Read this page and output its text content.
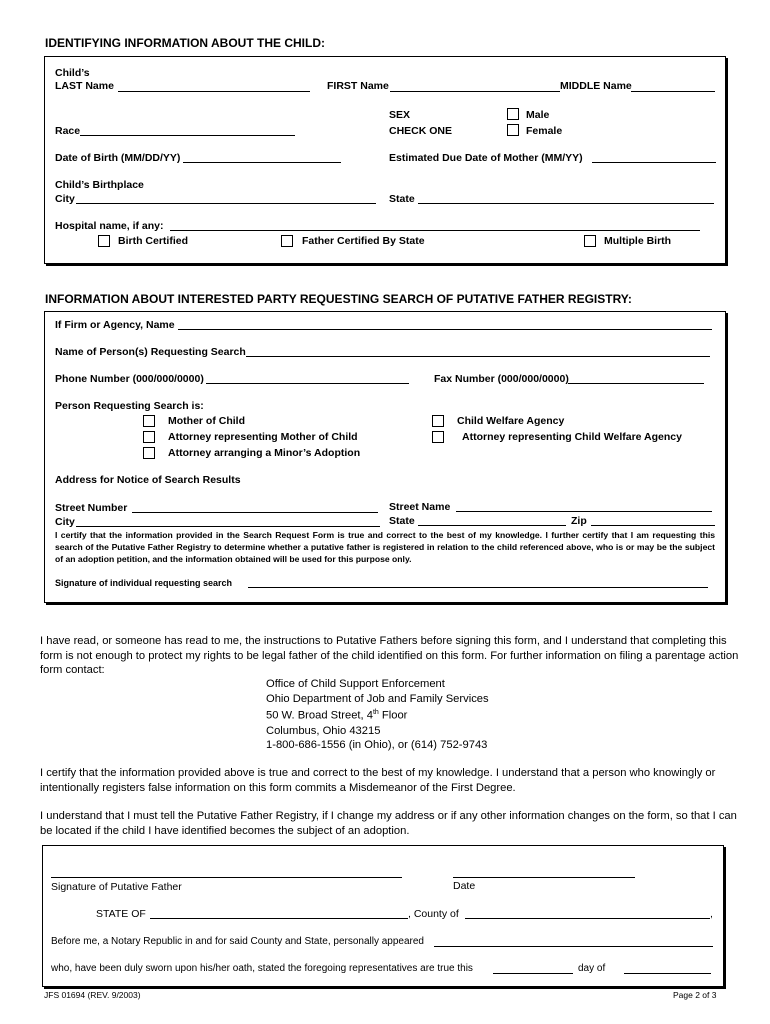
IDENTIFYING INFORMATION ABOUT THE CHILD:
Child’s
LAST Name	FIRST Name	MIDDLE Name
SEX	Male
Race	CHECK ONE	Female
Date of Birth (MM/DD/YY)	Estimated Due Date of Mother (MM/YY)
Child’s Birthplace
City	State
Hospital name, if any:
Birth Certified	Father Certified By State	Multiple Birth
INFORMATION ABOUT INTERESTED PARTY REQUESTING SEARCH OF PUTATIVE FATHER REGISTRY:
If Firm or Agency, Name
Name of Person(s) Requesting Search
Phone Number (000/000/0000)	Fax Number (000/000/0000)
Person Requesting Search is:
Mother of Child	Child Welfare Agency
Attorney representing Mother of Child	Attorney representing Child Welfare Agency
Attorney arranging a Minor’s Adoption
Address for Notice of Search Results
Street Number	Street Name
City	State	Zip
I certify that the information provided in the Search Request Form is true and correct to the best of my knowledge. I further certify that I am requesting this search of the Putative Father Registry to determine whether a putative father is registered in relation to the child referenced above, who is or may be the subject of an adoption petition, and the information obtained will be used for this purpose only.
Signature of individual requesting search
I have read, or someone has read to me, the instructions to Putative Fathers before signing this form, and I understand that completing this form is not enough to protect my rights to be legal father of the child identified on this form. For further information on filing a parentage action form contact:
Office of Child Support Enforcement
Ohio Department of Job and Family Services
50 W. Broad Street, 4th Floor
Columbus, Ohio 43215
1-800-686-1556 (in Ohio), or (614) 752-9743
I certify that the information provided above is true and correct to the best of my knowledge. I understand that a person who knowingly or intentionally registers false information on this form commits a Misdemeanor of the First Degree.
I understand that I must tell the Putative Father Registry, if I change my address or if any other information changes on the form, so that I can be located if the child I have identified becomes the subject of an adoption.
Signature of Putative Father	Date
STATE OF	, County of	,
Before me, a Notary Republic in and for said County and State, personally appeared
who, have been duly sworn upon his/her oath, stated the foregoing representatives are true this	day of
JFS 01694 (REV. 9/2003)	Page 2 of 3
